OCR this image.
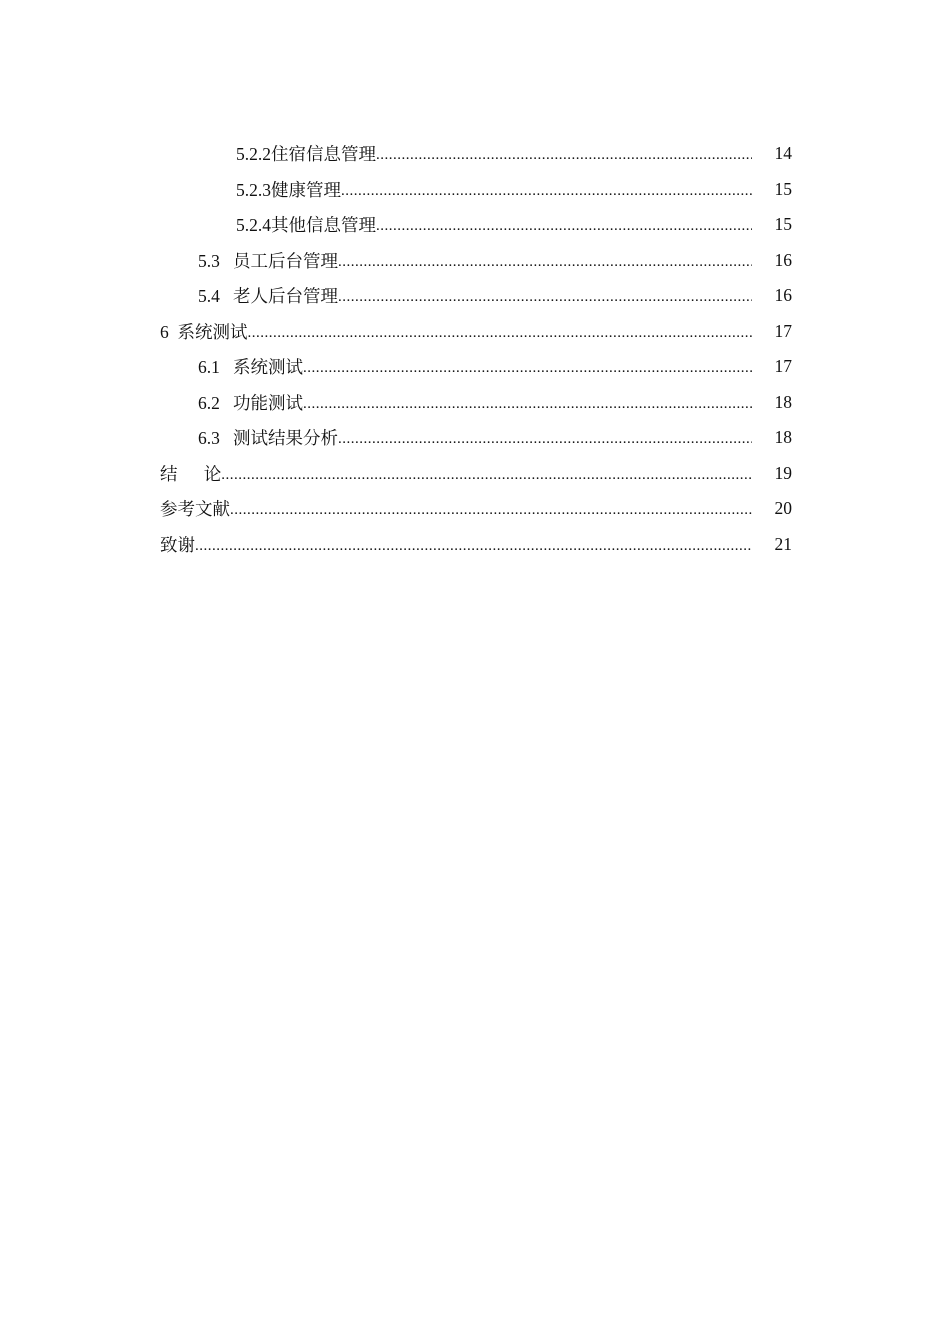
5.2.2住宿信息管理 .....	14
5.2.3健康管理 .....	15
5.2.4其他信息管理 .....	15
5.3   员工后台管理 .....	16
5.4   老人后台管理 .....	16
6  系统测试 .....	17
6.1   系统测试 .....	17
6.2   功能测试 .....	18
6.3   测试结果分析 .....	18
结      论 .....	19
参考文献 .....	20
致谢 .....	21
